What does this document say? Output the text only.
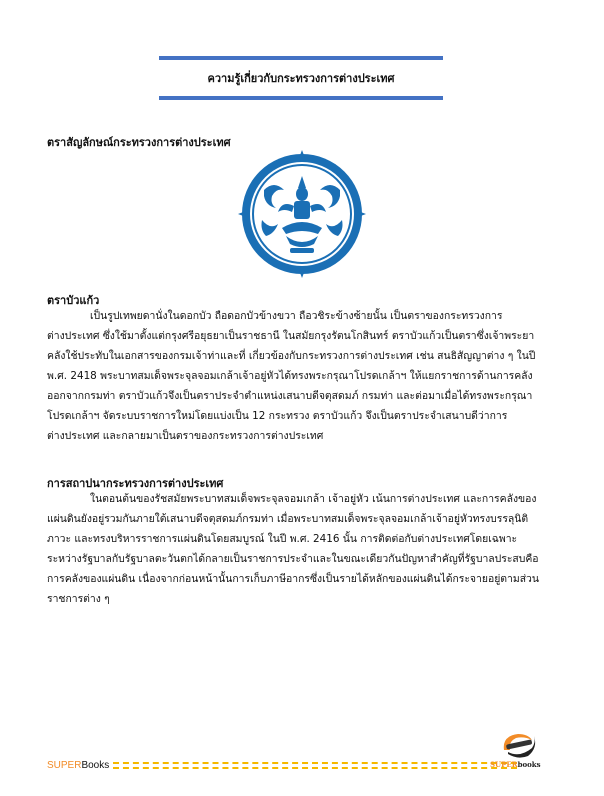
ความรู้เกี่ยวกับกระทรวงการต่างประเทศ
ตราสัญลักษณ์กระทรวงการต่างประเทศ
ตราบัวแก้ว
เป็นรูปเทพยดานั่งในดอกบัว ถือดอกบัวข้างขวา ถือวชิระข้างซ้ายนั้น เป็นตราของกระทรวงการ
ต่างประเทศ ซึ่งใช้มาตั้งแต่กรุงศรีอยุธยาเป็นราชธานี ในสมัยกรุงรัตนโกสินทร์ ตราบัวแก้วเป็นตราซึ่งเจ้าพระยา
คลังใช้ประทับในเอกสารของกรมเจ้าท่าและที่ เกี่ยวข้องกับกระทรวงการต่างประเทศ เช่น สนธิสัญญาต่าง ๆ ในปี
พ.ศ. 2418 พระบาทสมเด็จพระจุลจอมเกล้าเจ้าอยู่หัวได้ทรงพระกรุณาโปรดเกล้าฯ ให้แยกราชการด้านการคลัง
ออกจากกรมท่า ตราบัวแก้วจึงเป็นตราประจำตำแหน่งเสนาบดีจตุสดมภ์ กรมท่า และต่อมาเมื่อได้ทรงพระกรุณา
โปรดเกล้าฯ จัดระบบราชการใหม่โดยแบ่งเป็น 12 กระทรวง ตราบัวแก้ว จึงเป็นตราประจำเสนาบดีว่าการ
ต่างประเทศ และกลายมาเป็นตราของกระทรวงการต่างประเทศ
การสถาปนากระทรวงการต่างประเทศ
ในตอนต้นของรัชสมัยพระบาทสมเด็จพระจุลจอมเกล้า เจ้าอยู่หัว เน้นการต่างประเทศ และการคลังของ
แผ่นดินยังอยู่รวมกันภายใต้เสนาบดีจตุสดมภ์กรมท่า เมื่อพระบาทสมเด็จพระจุลจอมเกล้าเจ้าอยู่หัวทรงบรรลุนิติ
ภาวะ และทรงบริหารราชการแผ่นดินโดยสมบูรณ์ ในปี พ.ศ. 2416 นั้น การติดต่อกับต่างประเทศโดยเฉพาะ
ระหว่างรัฐบาลกับรัฐบาลตะวันตกได้กลายเป็นราชการประจำและในขณะเดียวกันปัญหาสำคัญที่รัฐบาลประสบคือ
การคลังของแผ่นดิน เนื่องจากก่อนหน้านั้นการเก็บภาษีอากรซึ่งเป็นรายได้หลักของแผ่นดินได้กระจายอยู่ตามส่วน
ราชการต่าง ๆ
SUPER Books	SUPERbooks
